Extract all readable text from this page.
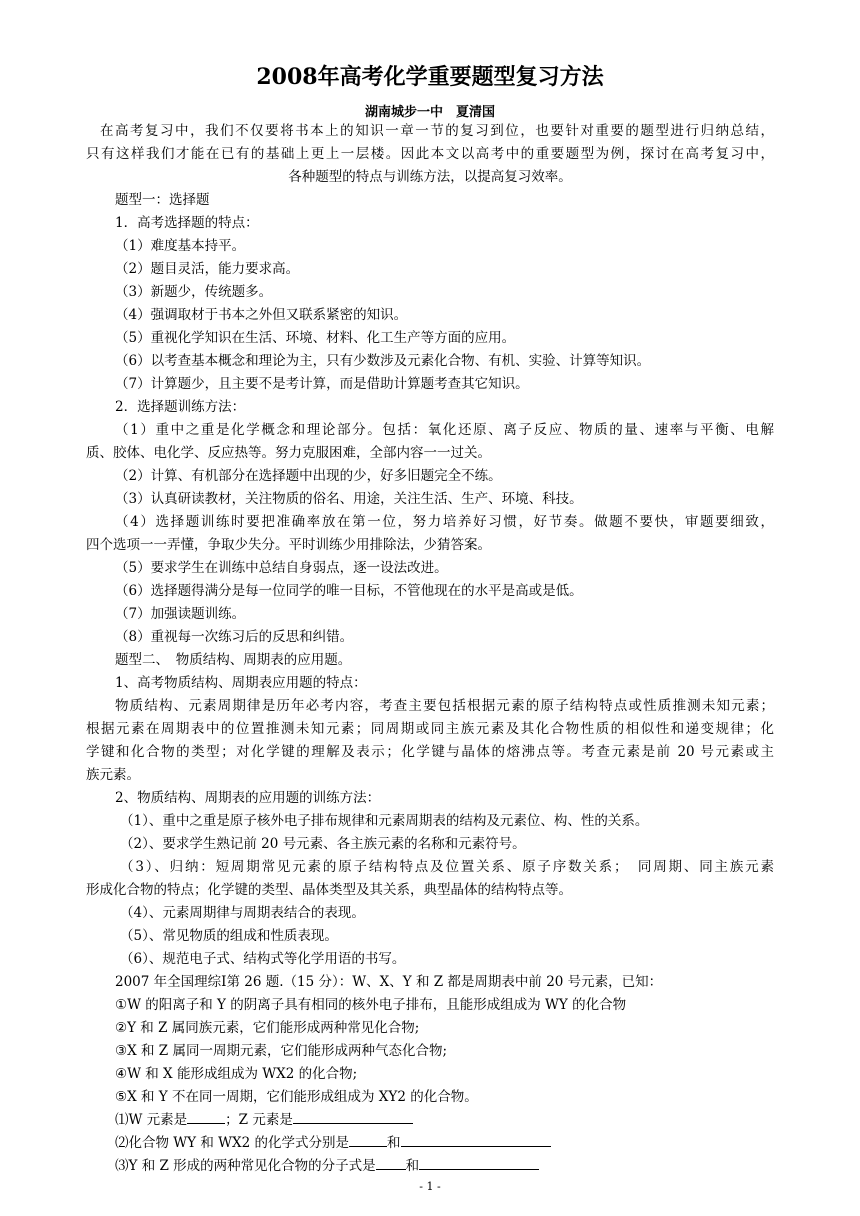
2008年高考化学重要题型复习方法
湖南城步一中　夏清国
在高考复习中，我们不仅要将书本上的知识一章一节的复习到位，也要针对重要的题型进行归纳总结，
只有这样我们才能在已有的基础上更上一层楼。因此本文以高考中的重要题型为例，探讨在高考复习中，
各种题型的特点与训练方法，以提高复习效率。
题型一：选择题
1．高考选择题的特点：
（1）难度基本持平。
（2）题目灵活，能力要求高。
（3）新题少，传统题多。
（4）强调取材于书本之外但又联系紧密的知识。
（5）重视化学知识在生活、环境、材料、化工生产等方面的应用。
（6）以考查基本概念和理论为主，只有少数涉及元素化合物、有机、实验、计算等知识。
（7）计算题少，且主要不是考计算，而是借助计算题考查其它知识。
2．选择题训练方法：
（1）重中之重是化学概念和理论部分。包括：氧化还原、离子反应、物质的量、速率与平衡、电解
质、胶体、电化学、反应热等。努力克服困难，全部内容一一过关。
（2）计算、有机部分在选择题中出现的少，好多旧题完全不练。
（3）认真研读教材，关注物质的俗名、用途，关注生活、生产、环境、科技。
（4）选择题训练时要把准确率放在第一位，努力培养好习惯，好节奏。做题不要快，审题要细致，
四个选项一一弄懂，争取少失分。平时训练少用排除法，少猜答案。
（5）要求学生在训练中总结自身弱点，逐一设法改进。
（6）选择题得满分是每一位同学的唯一目标，不管他现在的水平是高或是低。
（7）加强读题训练。
（8）重视每一次练习后的反思和纠错。
题型二、　物质结构、周期表的应用题。
1、高考物质结构、周期表应用题的特点：
物质结构、元素周期律是历年必考内容，考查主要包括根据元素的原子结构特点或性质推测未知元素；
根据元素在周期表中的位置推测未知元素；同周期或同主族元素及其化合物性质的相似性和递变规律；化
学键和化合物的类型；对化学键的理解及表示；化学键与晶体的熔沸点等。考查元素是前 20 号元素或主
族元素。
2、物质结构、周期表的应用题的训练方法：
（1）、重中之重是原子核外电子排布规律和元素周期表的结构及元素位、构、性的关系。
（2）、要求学生熟记前 20 号元素、各主族元素的名称和元素符号。
（3）、归纳：短周期常见元素的原子结构特点及位置关系、原子序数关系；　同周期、同主族元素
形成化合物的特点；化学键的类型、晶体类型及其关系，典型晶体的结构特点等。
（4）、元素周期律与周期表结合的表现。
（5）、常见物质的组成和性质表现。
（6）、规范电子式、结构式等化学用语的书写。
2007 年全国理综Ⅰ第 26 题.（15 分）：W、X、Y 和 Z 都是周期表中前 20 号元素，已知：
①W 的阳离子和 Y 的阴离子具有相同的核外电子排布，且能形成组成为 WY 的化合物
②Y 和 Z 属同族元素，它们能形成两种常见化合物;
③X 和 Z 属同一周期元素，它们能形成两种气态化合物;
④W 和 X 能形成组成为 WX2 的化合物;
⑤X 和 Y 不在同一周期，它们能形成组成为 XY2 的化合物。
⑴W 元素是	；Z 元素是
⑵化合物 WY 和 WX2 的化学式分别是	和
⑶Y 和 Z 形成的两种常见化合物的分子式是 和
- 1 -
